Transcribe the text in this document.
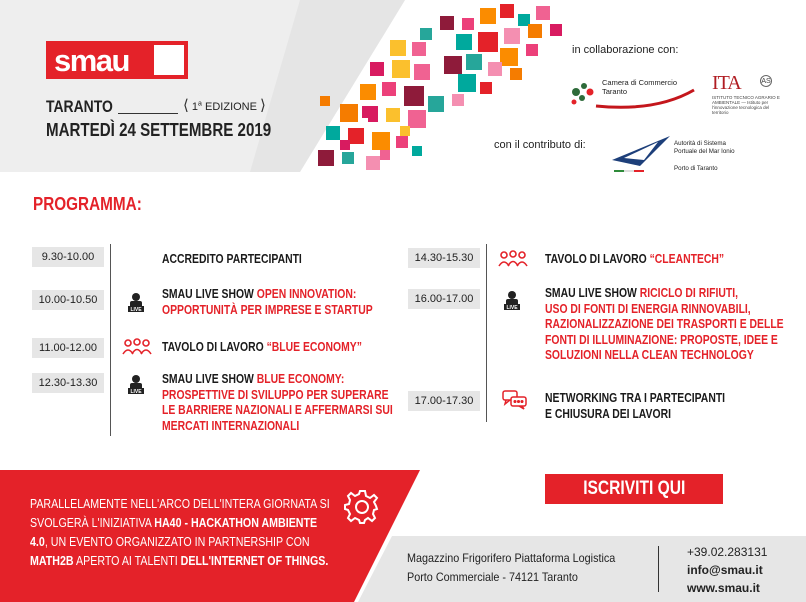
smau
TARANTO	⟨ 1$^a$ EDIZIONE ⟩
MARTEDÌ 24 SETTEMBRE 2019
in collaborazione con:
con il contributo di:
Camera di Commercio
Taranto	ITA	AS
ISTITUTO TECNICO AGRARIO E AMBIENTALE — Istituto per l'innovazione tecnologica del territorio
Autorità di Sistema Portuale del Mar Ionio
Porto di Taranto
PROGRAMMA:
9.30-10.00	ACCREDITO PARTECIPANTI
10.00-10.50
LIVE
SMAU LIVE SHOW OPEN INNOVATION:
OPPORTUNITÀ PER IMPRESE E STARTUP
11.00-12.00	TAVOLO DI LAVORO “BLUE ECONOMY”
12.30-13.30
LIVE
SMAU LIVE SHOW BLUE ECONOMY:
PROSPETTIVE DI SVILUPPO PER SUPERARE
LE BARRIERE NAZIONALI E AFFERMARSI SUI
MERCATI INTERNAZIONALI
14.30-15.30	TAVOLO DI LAVORO “CLEANTECH”
16.00-17.00
LIVE
SMAU LIVE SHOW RICICLO DI RIFIUTI,
USO DI FONTI DI ENERGIA RINNOVABILI,
RAZIONALIZZAZIONE DEI TRASPORTI E DELLE
FONTI DI ILLUMINAZIONE: PROPOSTE, IDEE E
SOLUZIONI NELLA CLEAN TECHNOLOGY
17.00-17.30	NETWORKING TRA I PARTECIPANTI
E CHIUSURA DEI LAVORI
ISCRIVITI QUI
PARALLELAMENTE NELL'ARCO DELL'INTERA GIORNATA SI
SVOLGERÀ L'INIZIATIVA HA40 - HACKATHON AMBIENTE
4.0, UN EVENTO ORGANIZZATO IN PARTNERSHIP CON
MATH2B APERTO AI TALENTI DELL'INTERNET OF THINGS.	Magazzino Frigorifero Piattaforma Logistica
Porto Commerciale - 74121 Taranto
+39.02.283131
info@smau.it
www.smau.it
